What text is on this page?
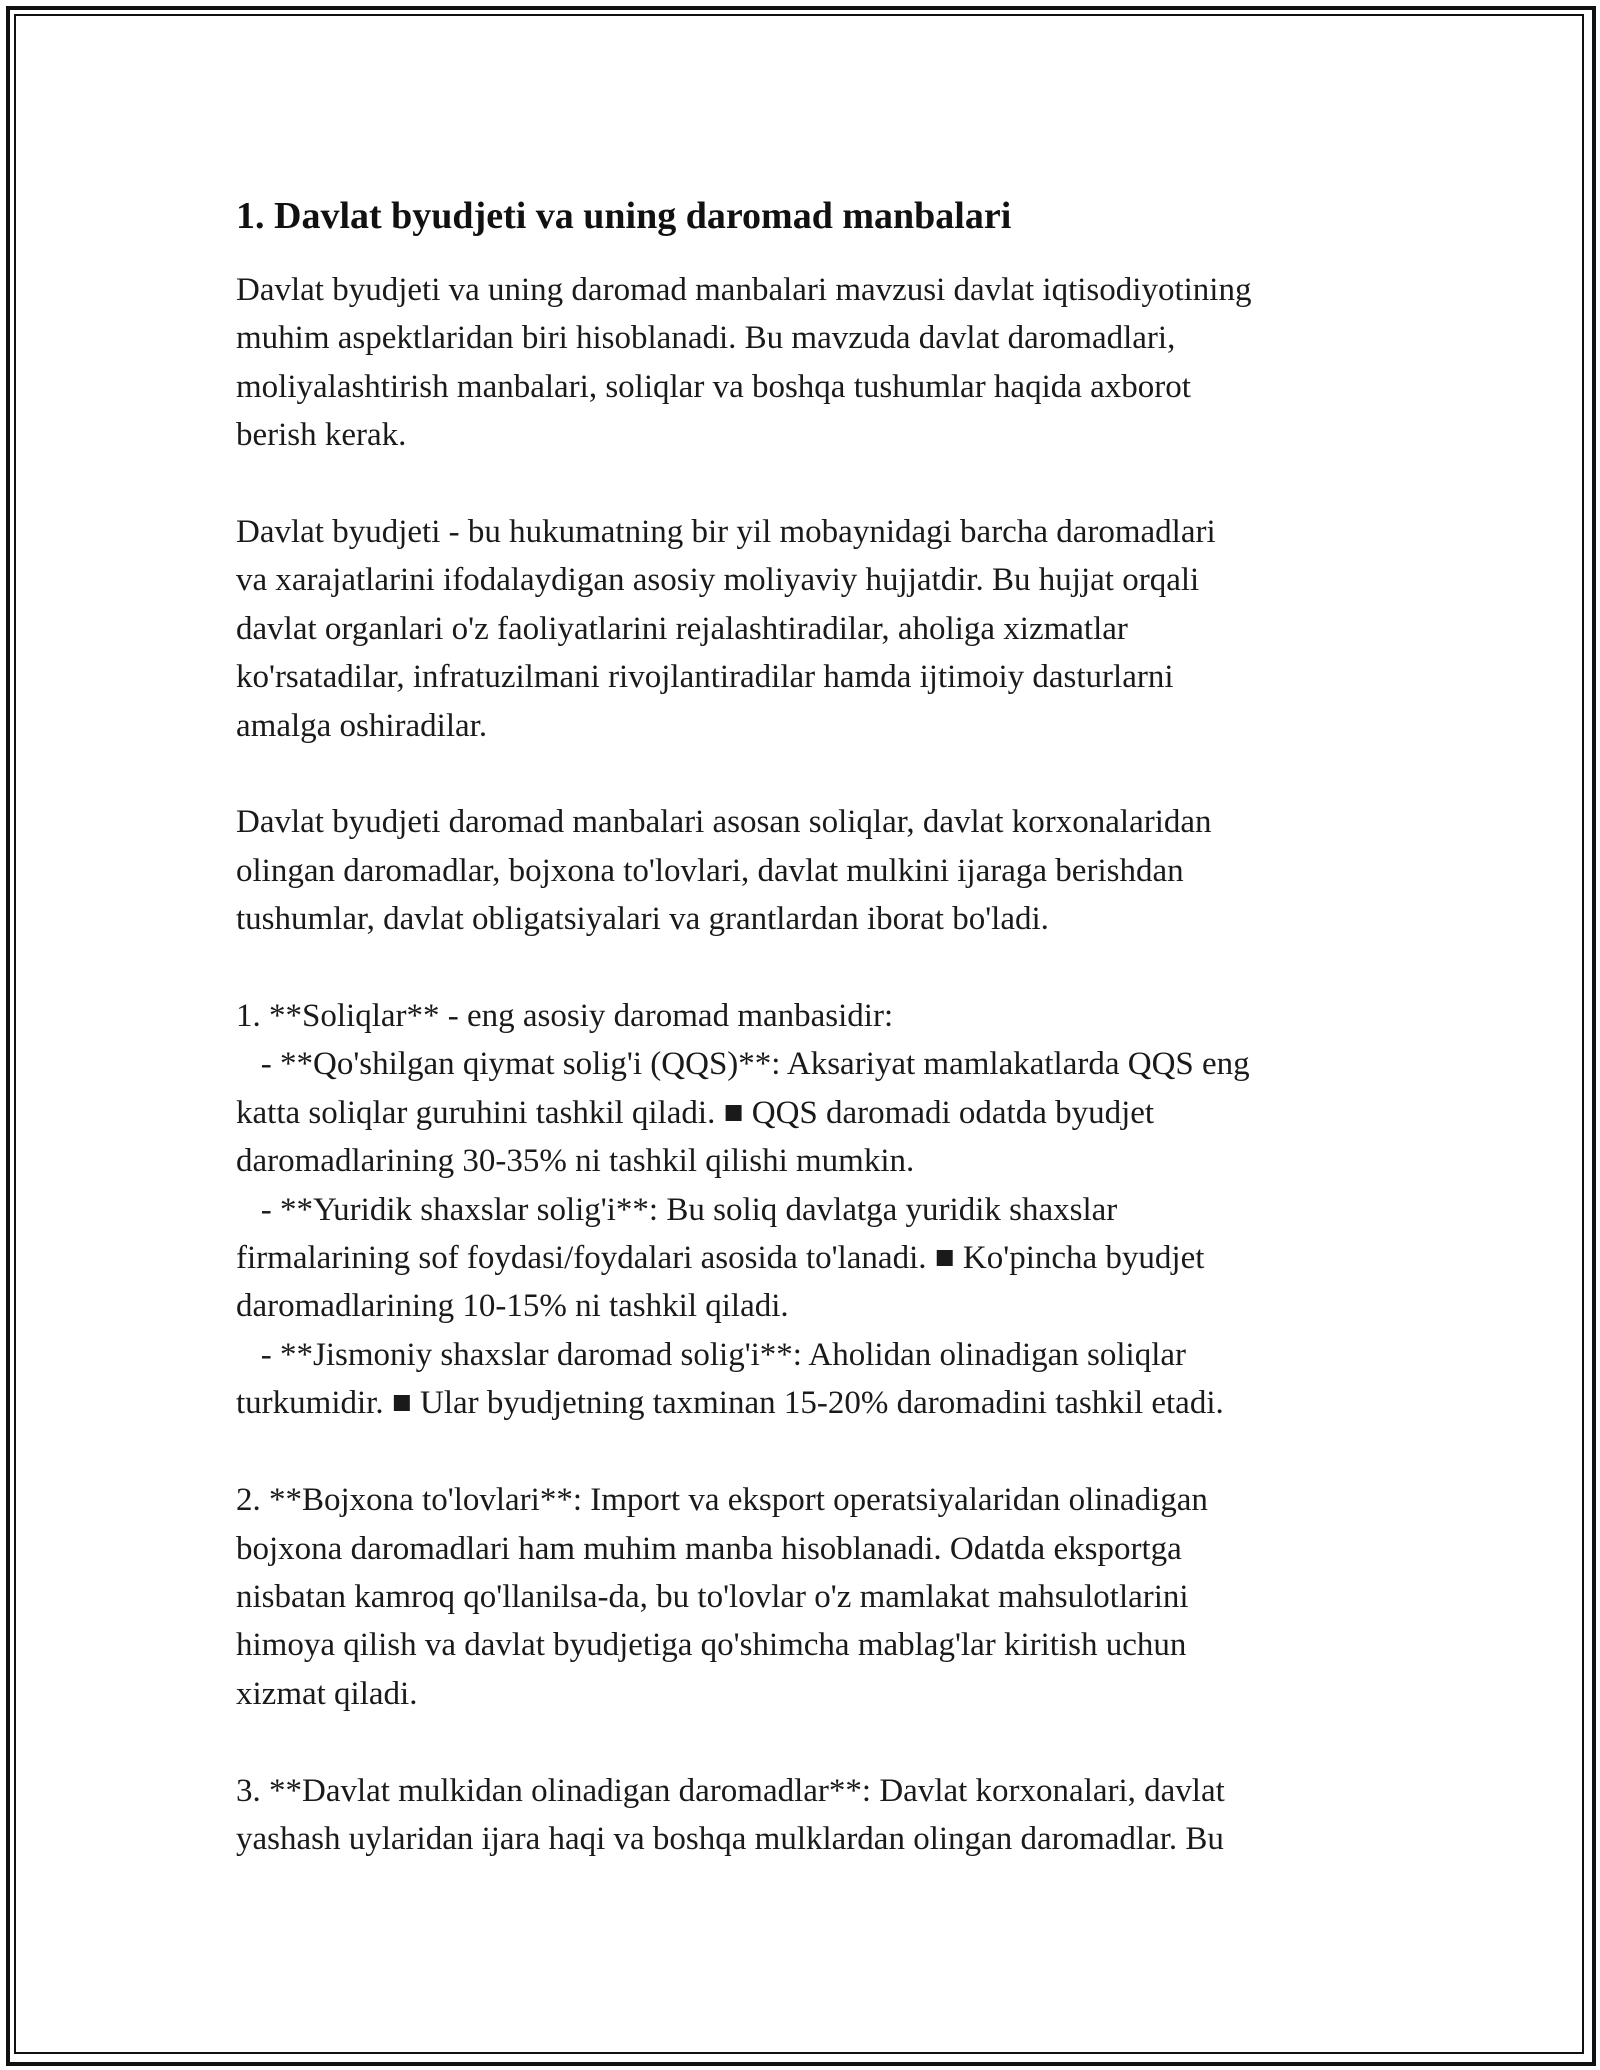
1. Davlat byudjeti va uning daromad manbalari
Davlat byudjeti va uning daromad manbalari mavzusi davlat iqtisodiyotining
muhim aspektlaridan biri hisoblanadi. Bu mavzuda davlat daromadlari,
moliyalashtirish manbalari, soliqlar va boshqa tushumlar haqida axborot
berish kerak.
Davlat byudjeti - bu hukumatning bir yil mobaynidagi barcha daromadlari
va xarajatlarini ifodalaydigan asosiy moliyaviy hujjatdir. Bu hujjat orqali
davlat organlari o'z faoliyatlarini rejalashtiradilar, aholiga xizmatlar
ko'rsatadilar, infratuzilmani rivojlantiradilar hamda ijtimoiy dasturlarni
amalga oshiradilar.
Davlat byudjeti daromad manbalari asosan soliqlar, davlat korxonalaridan
olingan daromadlar, bojxona to'lovlari, davlat mulkini ijaraga berishdan
tushumlar, davlat obligatsiyalari va grantlardan iborat bo'ladi.
1. **Soliqlar** - eng asosiy daromad manbasidir:
- **Qo'shilgan qiymat solig'i (QQS)**: Aksariyat mamlakatlarda QQS eng
katta soliqlar guruhini tashkil qiladi. ■ QQS daromadi odatda byudjet
daromadlarining 30-35% ni tashkil qilishi mumkin.
- **Yuridik shaxslar solig'i**: Bu soliq davlatga yuridik shaxslar
firmalarining sof foydasi/foydalari asosida to'lanadi. ■ Ko'pincha byudjet
daromadlarining 10-15% ni tashkil qiladi.
- **Jismoniy shaxslar daromad solig'i**: Aholidan olinadigan soliqlar
turkumidir. ■ Ular byudjetning taxminan 15-20% daromadini tashkil etadi.
2. **Bojxona to'lovlari**: Import va eksport operatsiyalaridan olinadigan
bojxona daromadlari ham muhim manba hisoblanadi. Odatda eksportga
nisbatan kamroq qo'llanilsa-da, bu to'lovlar o'z mamlakat mahsulotlarini
himoya qilish va davlat byudjetiga qo'shimcha mablag'lar kiritish uchun
xizmat qiladi.
3. **Davlat mulkidan olinadigan daromadlar**: Davlat korxonalari, davlat
yashash uylaridan ijara haqi va boshqa mulklardan olingan daromadlar. Bu
